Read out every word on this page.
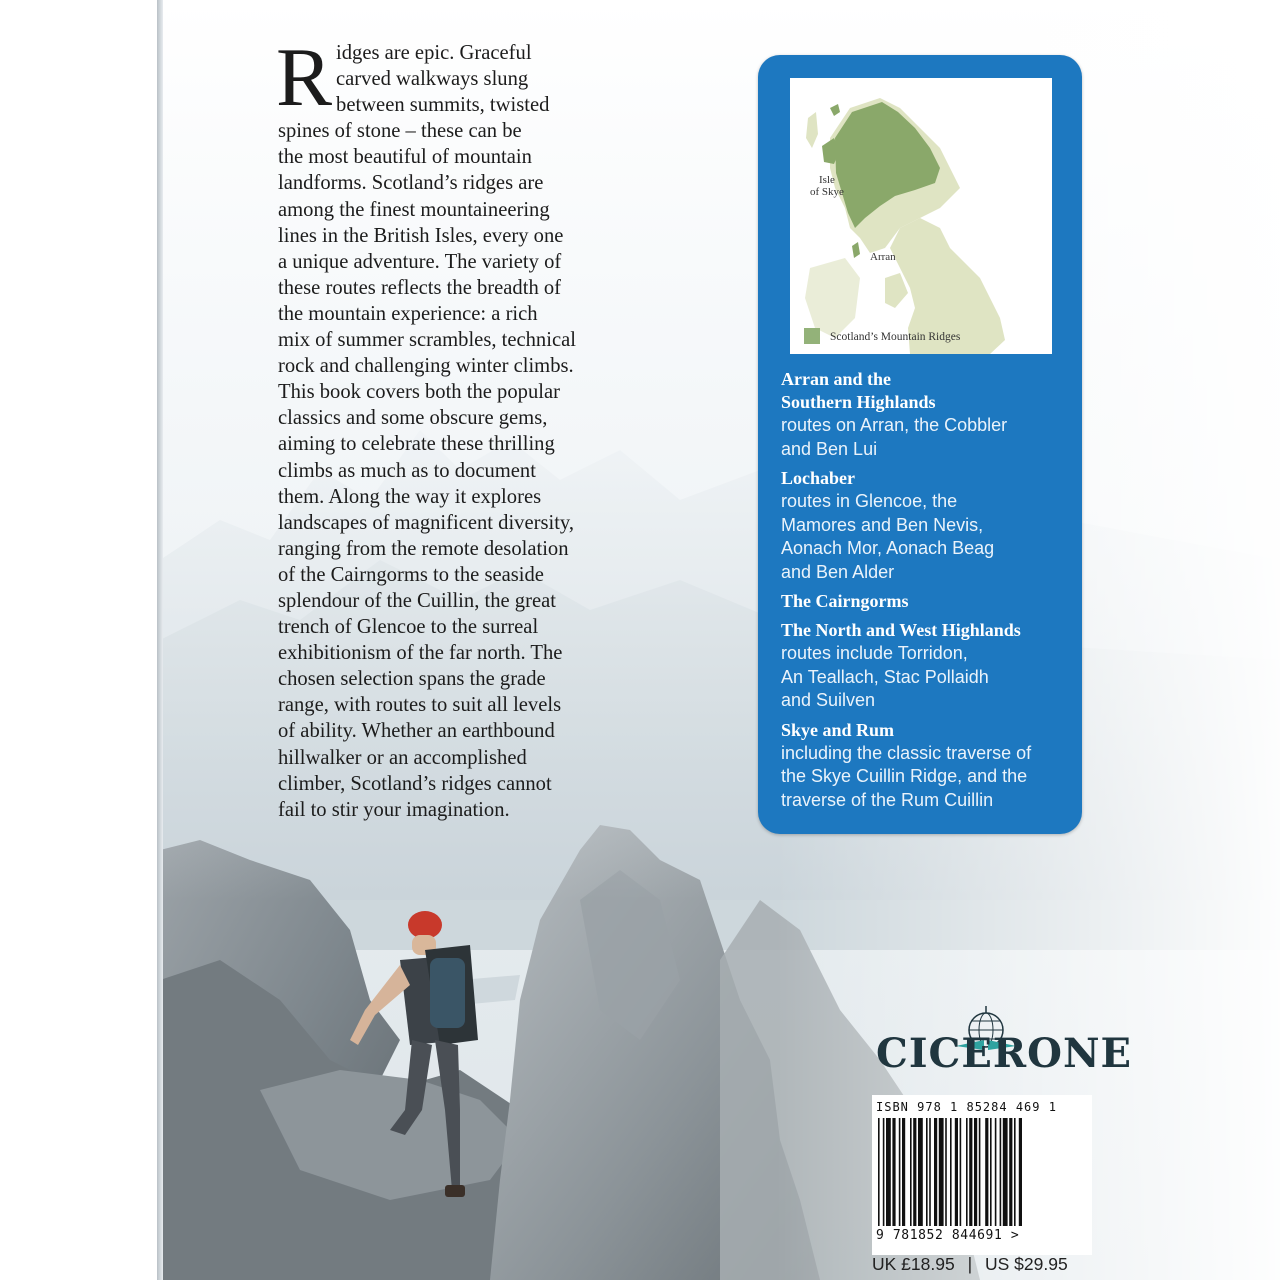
R idges are epic. Graceful
carved walkways slung
between summits, twisted
spines of stone – these can be
the most beautiful of mountain
landforms. Scotland’s ridges are
among the finest mountaineering
lines in the British Isles, every one
a unique adventure. The variety of
these routes reflects the breadth of
the mountain experience: a rich
mix of summer scrambles, technical
rock and challenging winter climbs.
This book covers both the popular
classics and some obscure gems,
aiming to celebrate these thrilling
climbs as much as to document
them. Along the way it explores
landscapes of magnificent diversity,
ranging from the remote desolation
of the Cairngorms to the seaside
splendour of the Cuillin, the great
trench of Glencoe to the surreal
exhibitionism of the far north. The
chosen selection spans the grade
range, with routes to suit all levels
of ability. Whether an earthbound
hillwalker or an accomplished
climber, Scotland’s ridges cannot
fail to stir your imagination.
Isle
of Skye
Arran
Scotland’s Mountain Ridges
Arran and the
Southern Highlands
routes on Arran, the Cobbler
and Ben Lui
Lochaber
routes in Glencoe, the
Mamores and Ben Nevis,
Aonach Mor, Aonach Beag
and Ben Alder
The Cairngorms
The North and West Highlands
routes include Torridon,
An Teallach, Stac Pollaidh
and Suilven
Skye and Rum
including the classic traverse of
the Skye Cuillin Ridge, and the
traverse of the Rum Cuillin
CICERONE
ISBN 978 1 85284 469 1
9 781852 844691 >
UK £18.95 | US $29.95
